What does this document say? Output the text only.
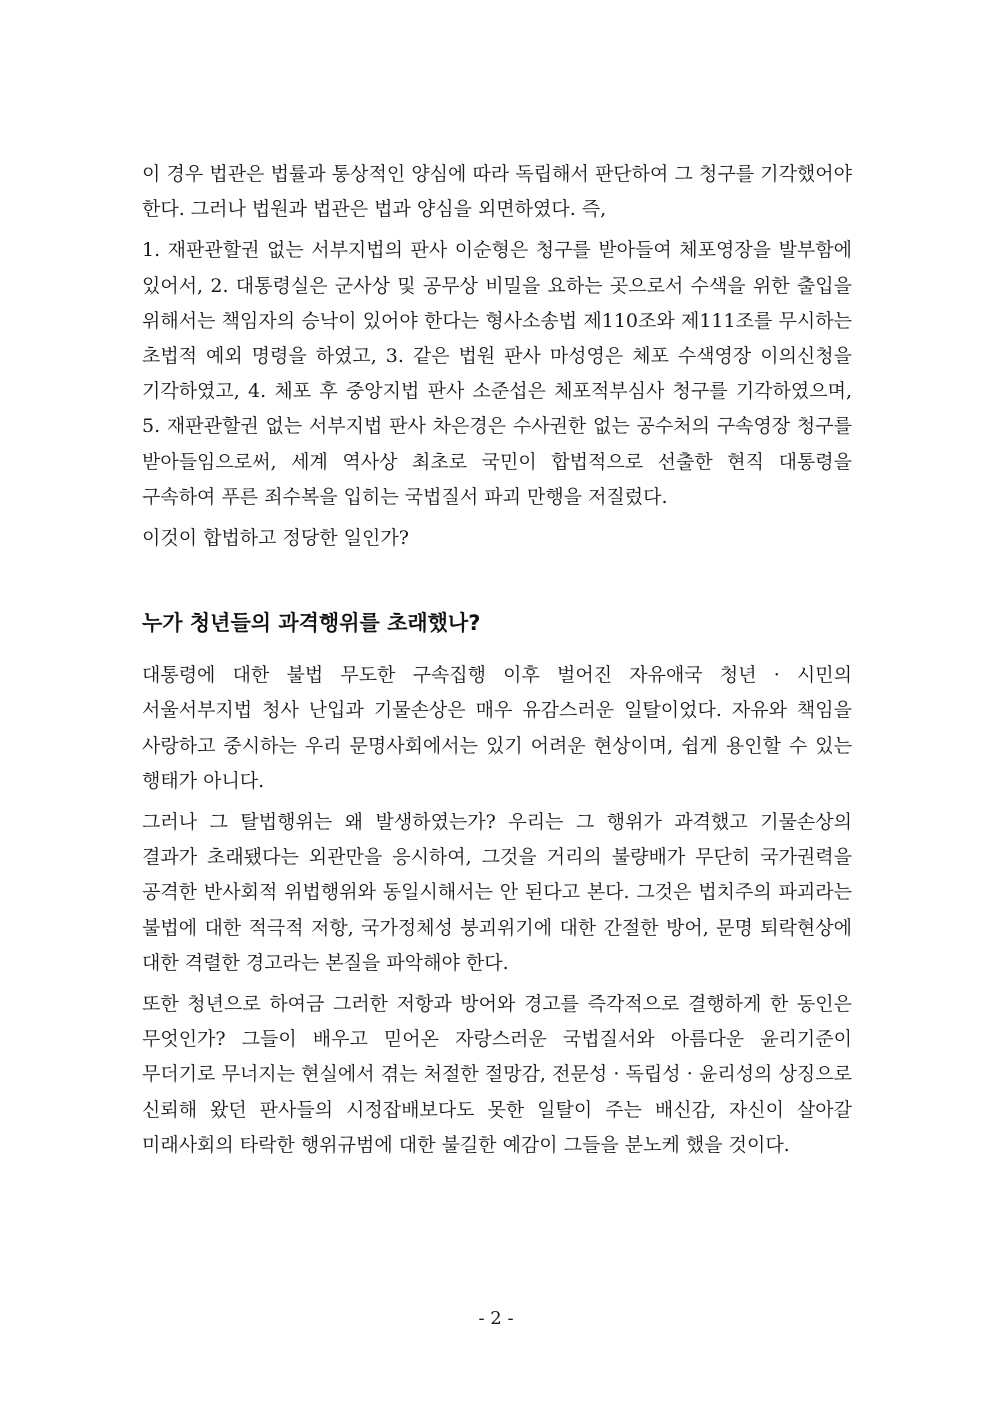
이 경우 법관은 법률과 통상적인 양심에 따라 독립해서 판단하여 그 청구를 기각했어야 한다. 그러나 법원과 법관은 법과 양심을 외면하였다. 즉,

1. 재판관할권 없는 서부지법의 판사 이순형은 청구를 받아들여 체포영장을 발부함에 있어서, 2. 대통령실은 군사상 및 공무상 비밀을 요하는 곳으로서 수색을 위한 출입을 위해서는 책임자의 승낙이 있어야 한다는 형사소송법 제110조와 제111조를 무시하는 초법적 예외 명령을 하였고, 3. 같은 법원 판사 마성영은 체포 수색영장 이의신청을 기각하였고, 4. 체포 후 중앙지법 판사 소준섭은 체포적부심사 청구를 기각하였으며, 5. 재판관할권 없는 서부지법 판사 차은경은 수사권한 없는 공수처의 구속영장 청구를 받아들임으로써, 세계 역사상 최초로 국민이 합법적으로 선출한 현직 대통령을 구속하여 푸른 죄수복을 입히는 국법질서 파괴 만행을 저질렀다.

이것이 합법하고 정당한 일인가?

누가 청년들의 과격행위를 초래했나?

대통령에 대한 불법 무도한 구속집행 이후 벌어진 자유애국 청년 · 시민의 서울서부지법 청사 난입과 기물손상은 매우 유감스러운 일탈이었다. 자유와 책임을 사랑하고 중시하는 우리 문명사회에서는 있기 어려운 현상이며, 쉽게 용인할 수 있는 행태가 아니다.

그러나 그 탈법행위는 왜 발생하였는가? 우리는 그 행위가 과격했고 기물손상의 결과가 초래됐다는 외관만을 응시하여, 그것을 거리의 불량배가 무단히 국가권력을 공격한 반사회적 위법행위와 동일시해서는 안 된다고 본다. 그것은 법치주의 파괴라는 불법에 대한 적극적 저항, 국가정체성 붕괴위기에 대한 간절한 방어, 문명 퇴락현상에 대한 격렬한 경고라는 본질을 파악해야 한다.

또한 청년으로 하여금 그러한 저항과 방어와 경고를 즉각적으로 결행하게 한 동인은 무엇인가? 그들이 배우고 믿어온 자랑스러운 국법질서와 아름다운 윤리기준이 무더기로 무너지는 현실에서 겪는 처절한 절망감, 전문성 · 독립성 · 윤리성의 상징으로 신뢰해 왔던 판사들의 시정잡배보다도 못한 일탈이 주는 배신감, 자신이 살아갈 미래사회의 타락한 행위규범에 대한 불길한 예감이 그들을 분노케 했을 것이다.

- 2 -
